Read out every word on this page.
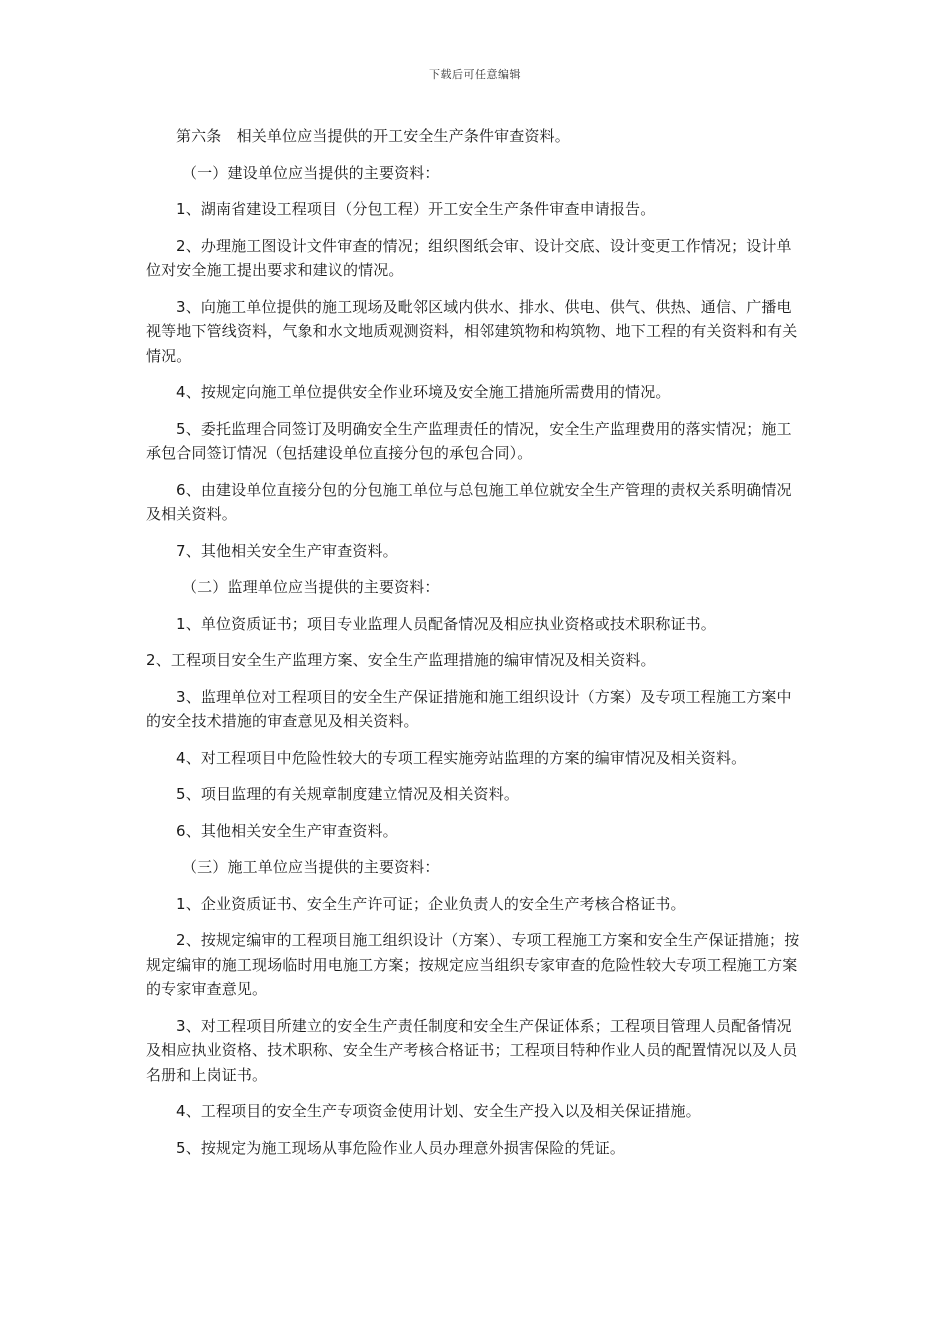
下载后可任意编辑

第六条　相关单位应当提供的开工安全生产条件审查资料。

（一）建设单位应当提供的主要资料：

1、湖南省建设工程项目（分包工程）开工安全生产条件审查申请报告。

2、办理施工图设计文件审查的情况；组织图纸会审、设计交底、设计变更工作情况；设计单位对安全施工提出要求和建议的情况。

3、向施工单位提供的施工现场及毗邻区域内供水、排水、供电、供气、供热、通信、广播电视等地下管线资料，气象和水文地质观测资料，相邻建筑物和构筑物、地下工程的有关资料和有关情况。

4、按规定向施工单位提供安全作业环境及安全施工措施所需费用的情况。

5、委托监理合同签订及明确安全生产监理责任的情况，安全生产监理费用的落实情况；施工承包合同签订情况（包括建设单位直接分包的承包合同）。

6、由建设单位直接分包的分包施工单位与总包施工单位就安全生产管理的责权关系明确情况及相关资料。

7、其他相关安全生产审查资料。

（二）监理单位应当提供的主要资料：

1、单位资质证书；项目专业监理人员配备情况及相应执业资格或技术职称证书。

2、工程项目安全生产监理方案、安全生产监理措施的编审情况及相关资料。

3、监理单位对工程项目的安全生产保证措施和施工组织设计（方案）及专项工程施工方案中的安全技术措施的审查意见及相关资料。

4、对工程项目中危险性较大的专项工程实施旁站监理的方案的编审情况及相关资料。

5、项目监理的有关规章制度建立情况及相关资料。

6、其他相关安全生产审查资料。

（三）施工单位应当提供的主要资料：

1、企业资质证书、安全生产许可证；企业负责人的安全生产考核合格证书。

2、按规定编审的工程项目施工组织设计（方案）、专项工程施工方案和安全生产保证措施；按规定编审的施工现场临时用电施工方案；按规定应当组织专家审查的危险性较大专项工程施工方案的专家审查意见。

3、对工程项目所建立的安全生产责任制度和安全生产保证体系；工程项目管理人员配备情况及相应执业资格、技术职称、安全生产考核合格证书；工程项目特种作业人员的配置情况以及人员名册和上岗证书。

4、工程项目的安全生产专项资金使用计划、安全生产投入以及相关保证措施。

5、按规定为施工现场从事危险作业人员办理意外损害保险的凭证。
